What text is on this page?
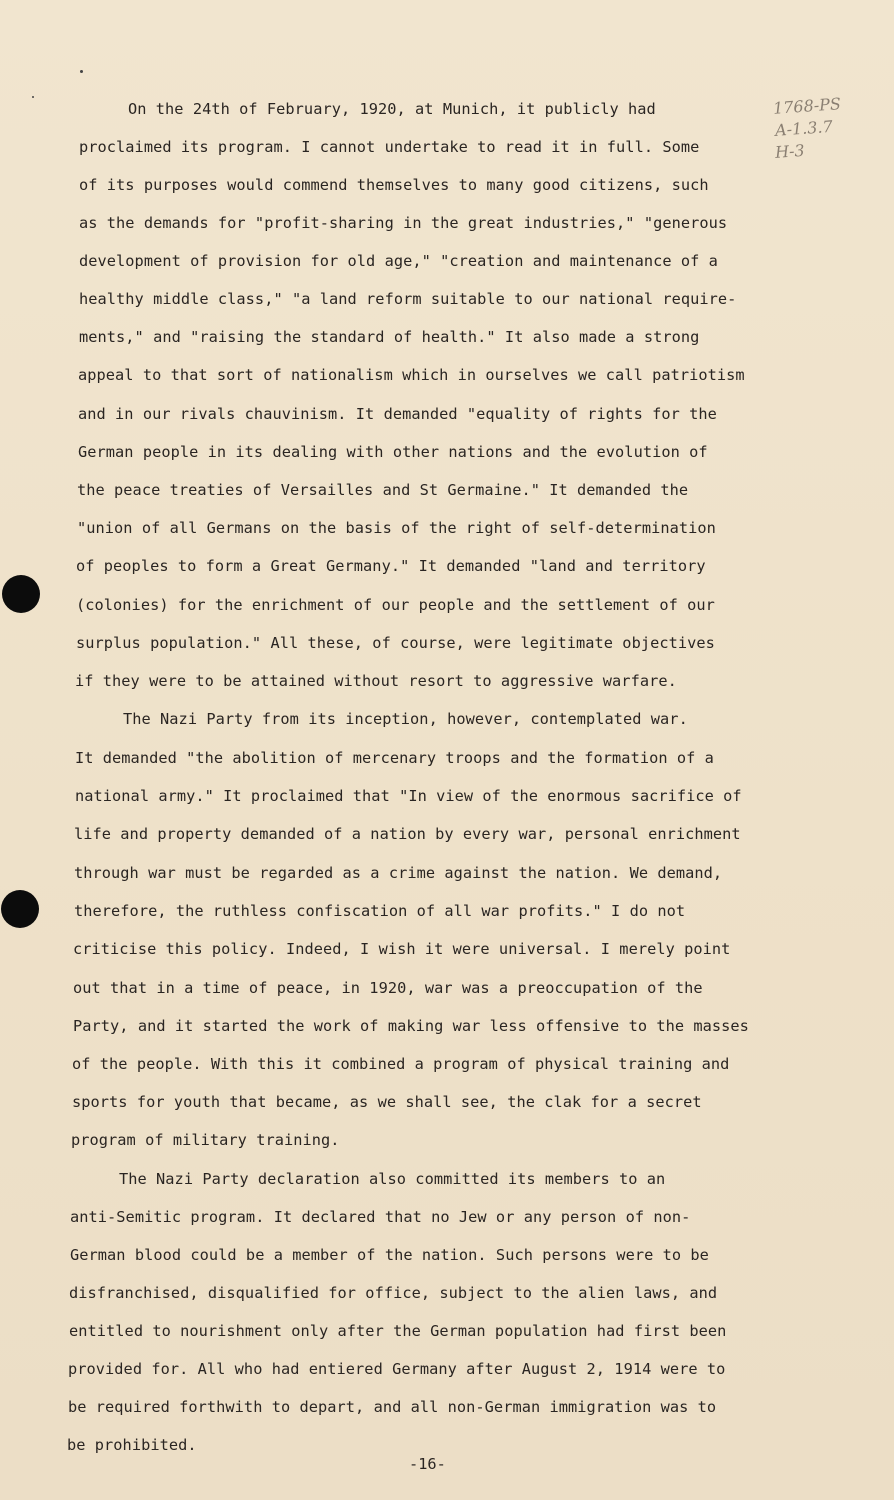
1768-PS
A-1.3.7
H-3
On the 24th of February, 1920, at Munich, it publicly had
proclaimed its program. I cannot undertake to read it in full. Some
of its purposes would commend themselves to many good citizens, such
as the demands for "profit-sharing in the great industries," "generous
development of provision for old age," "creation and maintenance of a
healthy middle class," "a land reform suitable to our national require-
ments," and "raising the standard of health." It also made a strong
appeal to that sort of nationalism which in ourselves we call patriotism
and in our rivals chauvinism. It demanded "equality of rights for the
German people in its dealing with other nations and the evolution of
the peace treaties of Versailles and St Germaine." It demanded the
"union of all Germans on the basis of the right of self-determination
of peoples to form a Great Germany." It demanded "land and territory
(colonies) for the enrichment of our people and the settlement of our
surplus population." All these, of course, were legitimate objectives
if they were to be attained without resort to aggressive warfare.
The Nazi Party from its inception, however, contemplated war.
It demanded "the abolition of mercenary troops and the formation of a
national army." It proclaimed that "In view of the enormous sacrifice of
life and property demanded of a nation by every war, personal enrichment
through war must be regarded as a crime against the nation. We demand,
therefore, the ruthless confiscation of all war profits." I do not
criticise this policy. Indeed, I wish it were universal. I merely point
out that in a time of peace, in 1920, war was a preoccupation of the
Party, and it started the work of making war less offensive to the masses
of the people. With this it combined a program of physical training and
sports for youth that became, as we shall see, the clak for a secret
program of military training.
The Nazi Party declaration also committed its members to an
anti-Semitic program. It declared that no Jew or any person of non-
German blood could be a member of the nation. Such persons were to be
disfranchised, disqualified for office, subject to the alien laws, and
entitled to nourishment only after the German population had first been
provided for. All who had entiered Germany after August 2, 1914 were to
be required forthwith to depart, and all non-German immigration was to
be prohibited.
-16-
